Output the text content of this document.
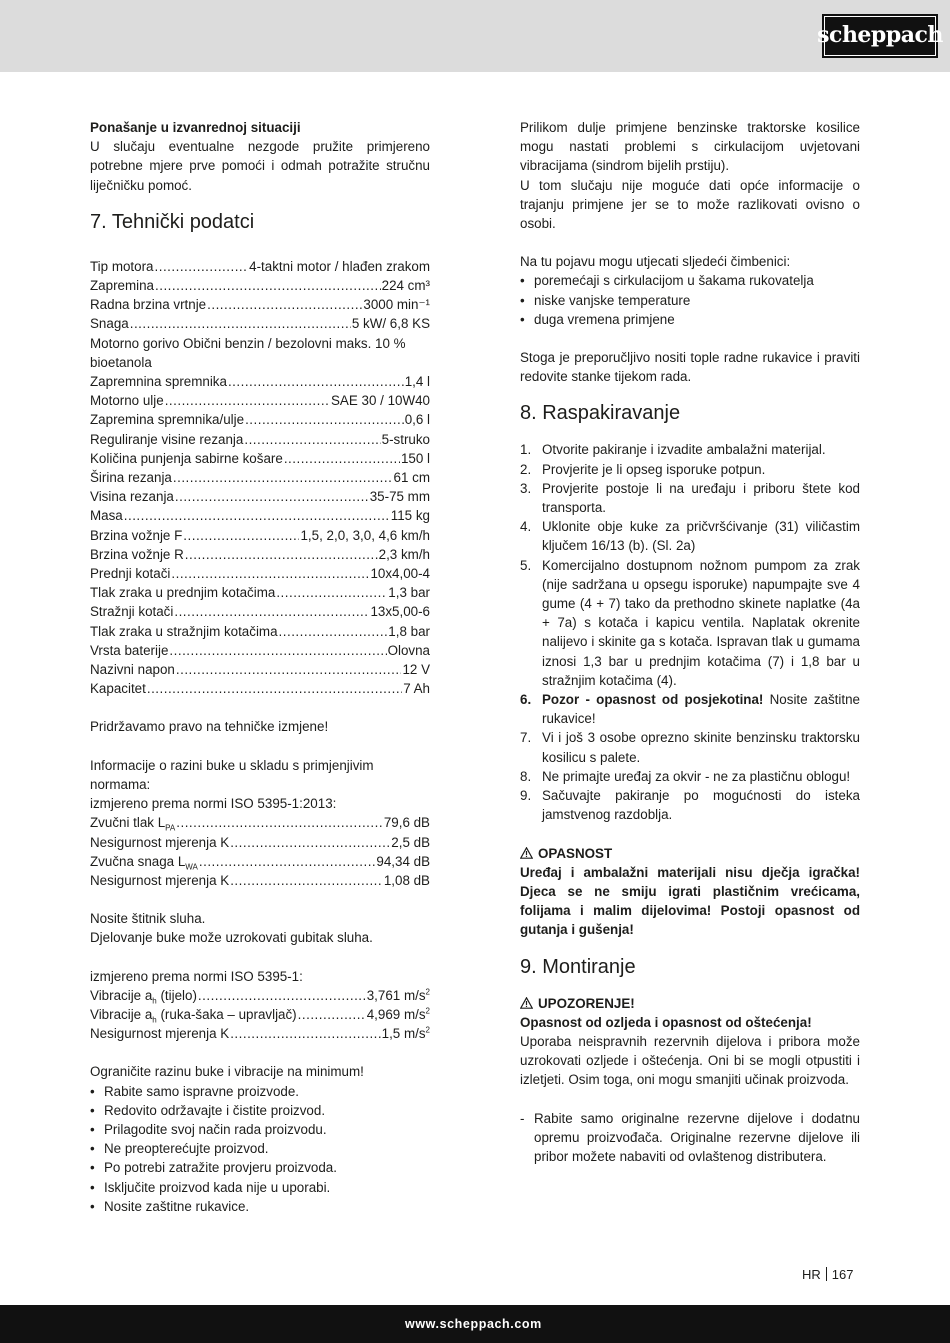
scheppach

Ponašanje u izvanrednoj situaciji

U slučaju eventualne nezgode pružite primjereno potrebne mjere prve pomoći i odmah potražite stručnu liječničku pomoć.

7. Tehnički podatci
Tip motora .....	4-taktni motor / hlađen zrakom
Zapremina .....	224 cm³
Radna brzina vrtnje .....	3000 min⁻¹
Snaga .....	5 kW/ 6,8 KS

Motorno gorivo Obični benzin / bezolovni maks. 10 % bioetanola

Zapremnina spremnika .....	1,4 l
Motorno ulje .....	SAE 30 / 10W40
Zapremina spremnika/ulje .....	0,6 l
Reguliranje visine rezanja .....	5-struko
Količina punjenja sabirne košare .....	150 l
Širina rezanja .....	61 cm
Visina rezanja .....	35-75 mm
Masa .....	115 kg
Brzina vožnje F .....	1,5, 2,0, 3,0, 4,6 km/h
Brzina vožnje R .....	2,3 km/h
Prednji kotači .....	10x4,00-4
Tlak zraka u prednjim kotačima .....	1,3 bar
Stražnji kotači .....	13x5,00-6
Tlak zraka u stražnjim kotačima .....	1,8 bar
Vrsta baterije .....	Olovna
Nazivni napon .....	12 V
Kapacitet .....	7 Ah

Pridržavamo pravo na tehničke izmjene!

Informacije o razini buke u skladu s primjenjivim normama:

izmjereno prema normi ISO 5395-1:2013:

Zvučni tlak $L_{PA}$ .....	79,6 dB
Nesigurnost mjerenja K .....	2,5 dB
Zvučna snaga $L_{WA}$ .....	94,34 dB
Nesigurnost mjerenja K .....	1,08 dB

Nosite štitnik sluha.

Djelovanje buke može uzrokovati gubitak sluha.

izmjereno prema normi ISO 5395-1:

Vibracije $a_h$ (tijelo) .....	3,761 $m/s^2$
Vibracije $a_h$ (ruka-šaka – upravljač) .....	4,969 $m/s^2$
Nesigurnost mjerenja K .....	1,5 $m/s^2$

Ograničite razinu buke i vibracije na minimum!

• Rabite samo ispravne proizvode.
• Redovito održavajte i čistite proizvod.
• Prilagodite svoj način rada proizvodu.
• Ne preopterećujte proizvod.
• Po potrebi zatražite provjeru proizvoda.
• Isključite proizvod kada nije u uporabi.
• Nosite zaštitne rukavice.

Prilikom dulje primjene benzinske traktorske kosilice mogu nastati problemi s cirkulacijom uvjetovani vibracijama (sindrom bijelih prstiju).

U tom slučaju nije moguće dati opće informacije o trajanju primjene jer se to može razlikovati ovisno o osobi.

Na tu pojavu mogu utjecati sljedeći čimbenici:

• poremećaji s cirkulacijom u šakama rukovatelja
• niske vanjske temperature
• duga vremena primjene

Stoga je preporučljivo nositi tople radne rukavice i praviti redovite stanke tijekom rada.

8. Raspakiravanje
1. Otvorite pakiranje i izvadite ambalažni materijal.
2. Provjerite je li opseg isporuke potpun.
3. Provjerite postoje li na uređaju i priboru štete kod transporta.
4. Uklonite obje kuke za pričvršćivanje (31) viličastim ključem 16/13 (b). (Sl. 2a)
5. Komercijalno dostupnom nožnom pumpom za zrak (nije sadržana u opsegu isporuke) napumpajte sve 4 gume (4 + 7) tako da prethodno skinete naplatke (4a + 7a) s kotača i kapicu ventila. Naplatak okrenite nalijevo i skinite ga s kotača. Ispravan tlak u gumama iznosi 1,3 bar u prednjim kotačima (7) i 1,8 bar u stražnjim kotačima (4).
6. Pozor - opasnost od posjekotina! Nosite zaštitne rukavice!
7. Vi i još 3 osobe oprezno skinite benzinsku traktorsku kosilicu s palete.
8. Ne primajte uređaj za okvir - ne za plastičnu oblogu!
9. Sačuvajte pakiranje po mogućnosti do isteka jamstvenog razdoblja.
OPASNOST

Uređaj i ambalažni materijali nisu dječja igračka! Djeca se ne smiju igrati plastičnim vrećicama, folijama i malim dijelovima! Postoji opasnost od gutanja i gušenja!

9. Montiranje
UPOZORENJE!

Opasnost od ozljeda i opasnost od oštećenja!

Uporaba neispravnih rezervnih dijelova i pribora može uzrokovati ozljede i oštećenja. Oni bi se mogli otpustiti i izletjeti. Osim toga, oni mogu smanjiti učinak proizvoda.

- Rabite samo originalne rezervne dijelove i dodatnu opremu proizvođača. Originalne rezervne dijelove ili pribor možete nabaviti od ovlaštenog distributera.
HR 167
www.scheppach.com
